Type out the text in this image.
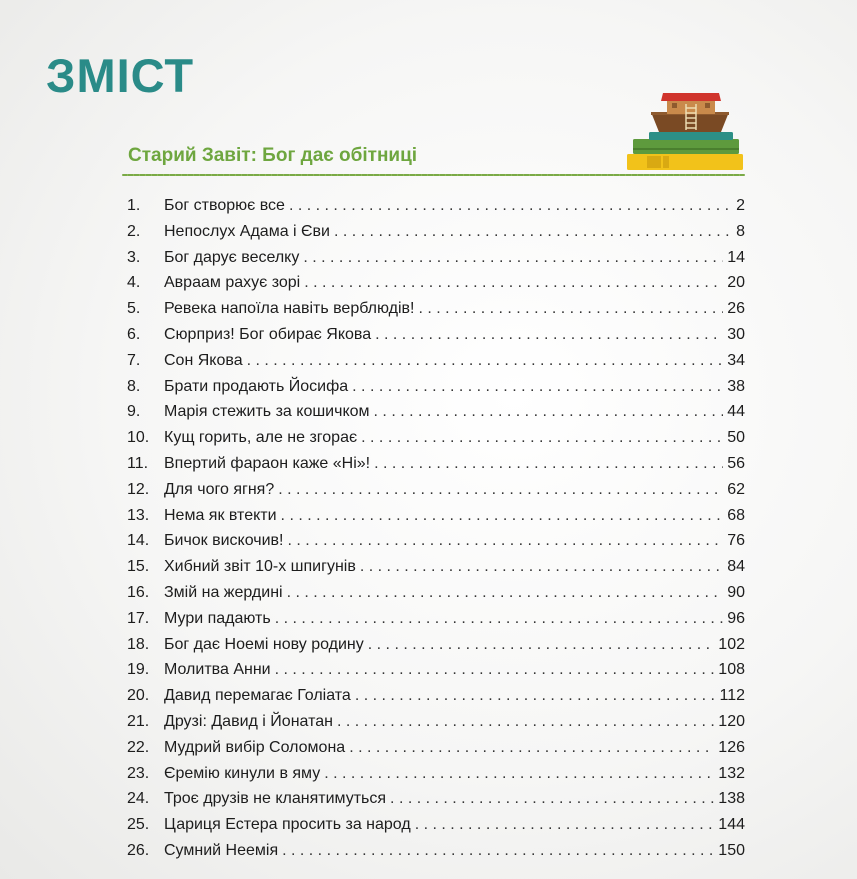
ЗМІСТ
Старий Завіт: Бог дає обітниці
1.	Бог створює все . . .	2
2.	Непослух Адама і Єви . . .	8
3.	Бог дарує веселку . . .	14
4.	Авраам рахує зорі . . .	20
5.	Ревека напоїла навіть верблюдів! . . .	26
6.	Сюрприз! Бог обирає Якова . . .	30
7.	Сон Якова . . .	34
8.	Брати продають Йосифа . . .	38
9.	Марія стежить за кошичком . . .	44
10. Кущ горить, але не згорає . . .	50
11. Впертий фараон каже «Ні»! . . .	56
12. Для чого ягня? . . .	62
13. Нема як втекти . . .	68
14. Бичок вискочив! . . .	76
15. Хибний звіт 10-х шпигунів . . .	84
16. Змій на жердині . . .	90
17. Мури падають . . .	96
18. Бог дає Ноемі нову родину . . .	102
19. Молитва Анни . . .	108
20. Давид перемагає Голіата . . .	112
21. Друзі: Давид і Йонатан . . .	120
22. Мудрий вибір Соломона . . .	126
23. Єремію кинули в яму . . .	132
24. Троє друзів не кланятимуться . . .	138
25. Цариця Естера просить за народ . . .	144
26. Сумний Неемія . . .	150
